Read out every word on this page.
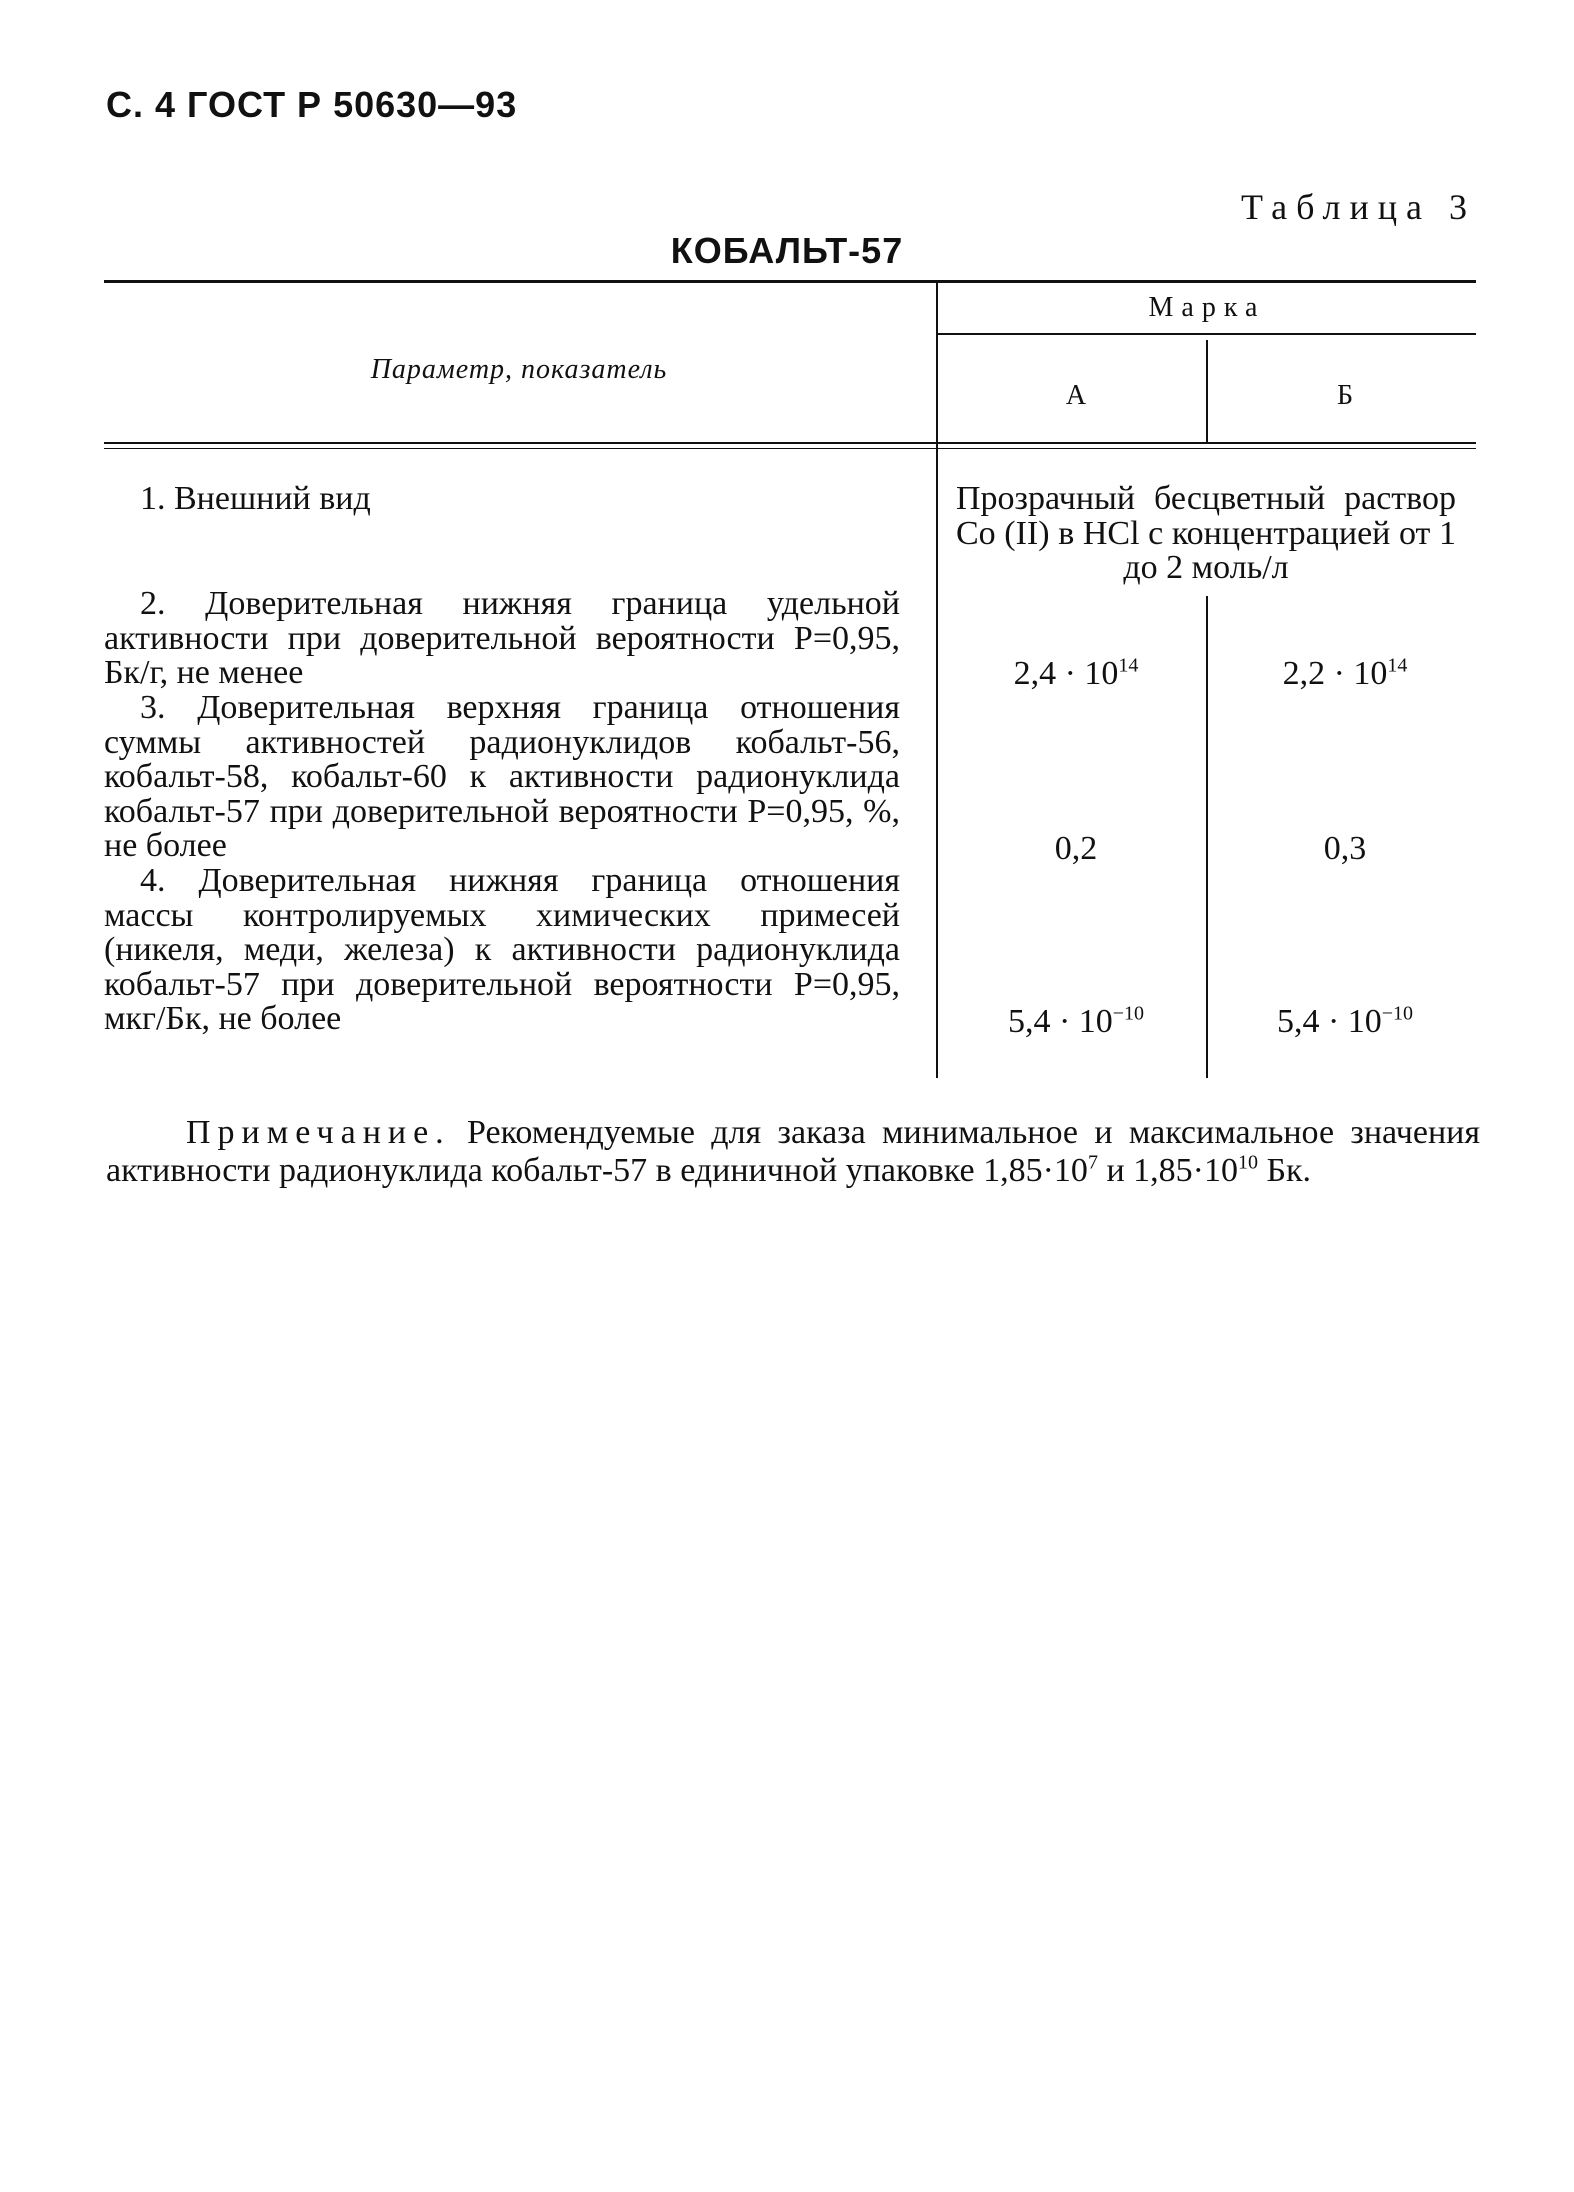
С. 4 ГОСТ Р 50630—93
Таблица 3
КОБАЛЬТ-57
Параметр, показатель
Марка
А	Б
1. Внешний вид	Прозрачный бесцветный раствор Co (II) в HCl с концентрацией от 1 до 2 моль/л
2. Доверительная нижняя граница удельной активности при доверительной вероятности P=0,95, Бк/г, не менее	$2,4 \cdot 10^{14}$	$2,2 \cdot 10^{14}$
3. Доверительная верхняя граница отношения суммы активностей радионуклидов кобальт-56, кобальт-58, кобальт-60 к активности радионуклида кобальт-57 при доверительной вероятности P=0,95, %, не более	0,2	0,3
4. Доверительная нижняя граница отношения массы контролируемых химических примесей (никеля, меди, железа) к активности радионуклида кобальт-57 при доверительной вероятности P=0,95, мкг/Бк, не более	$5,4 \cdot 10^{-10}$	$5,4 \cdot 10^{-10}$
Примечание. Рекомендуемые для заказа минимальное и максимальное значения активности радионуклида кобальт-57 в единичной упаковке $1,85\cdot 10^7$ и $1,85\cdot 10^{10}$ Бк.
